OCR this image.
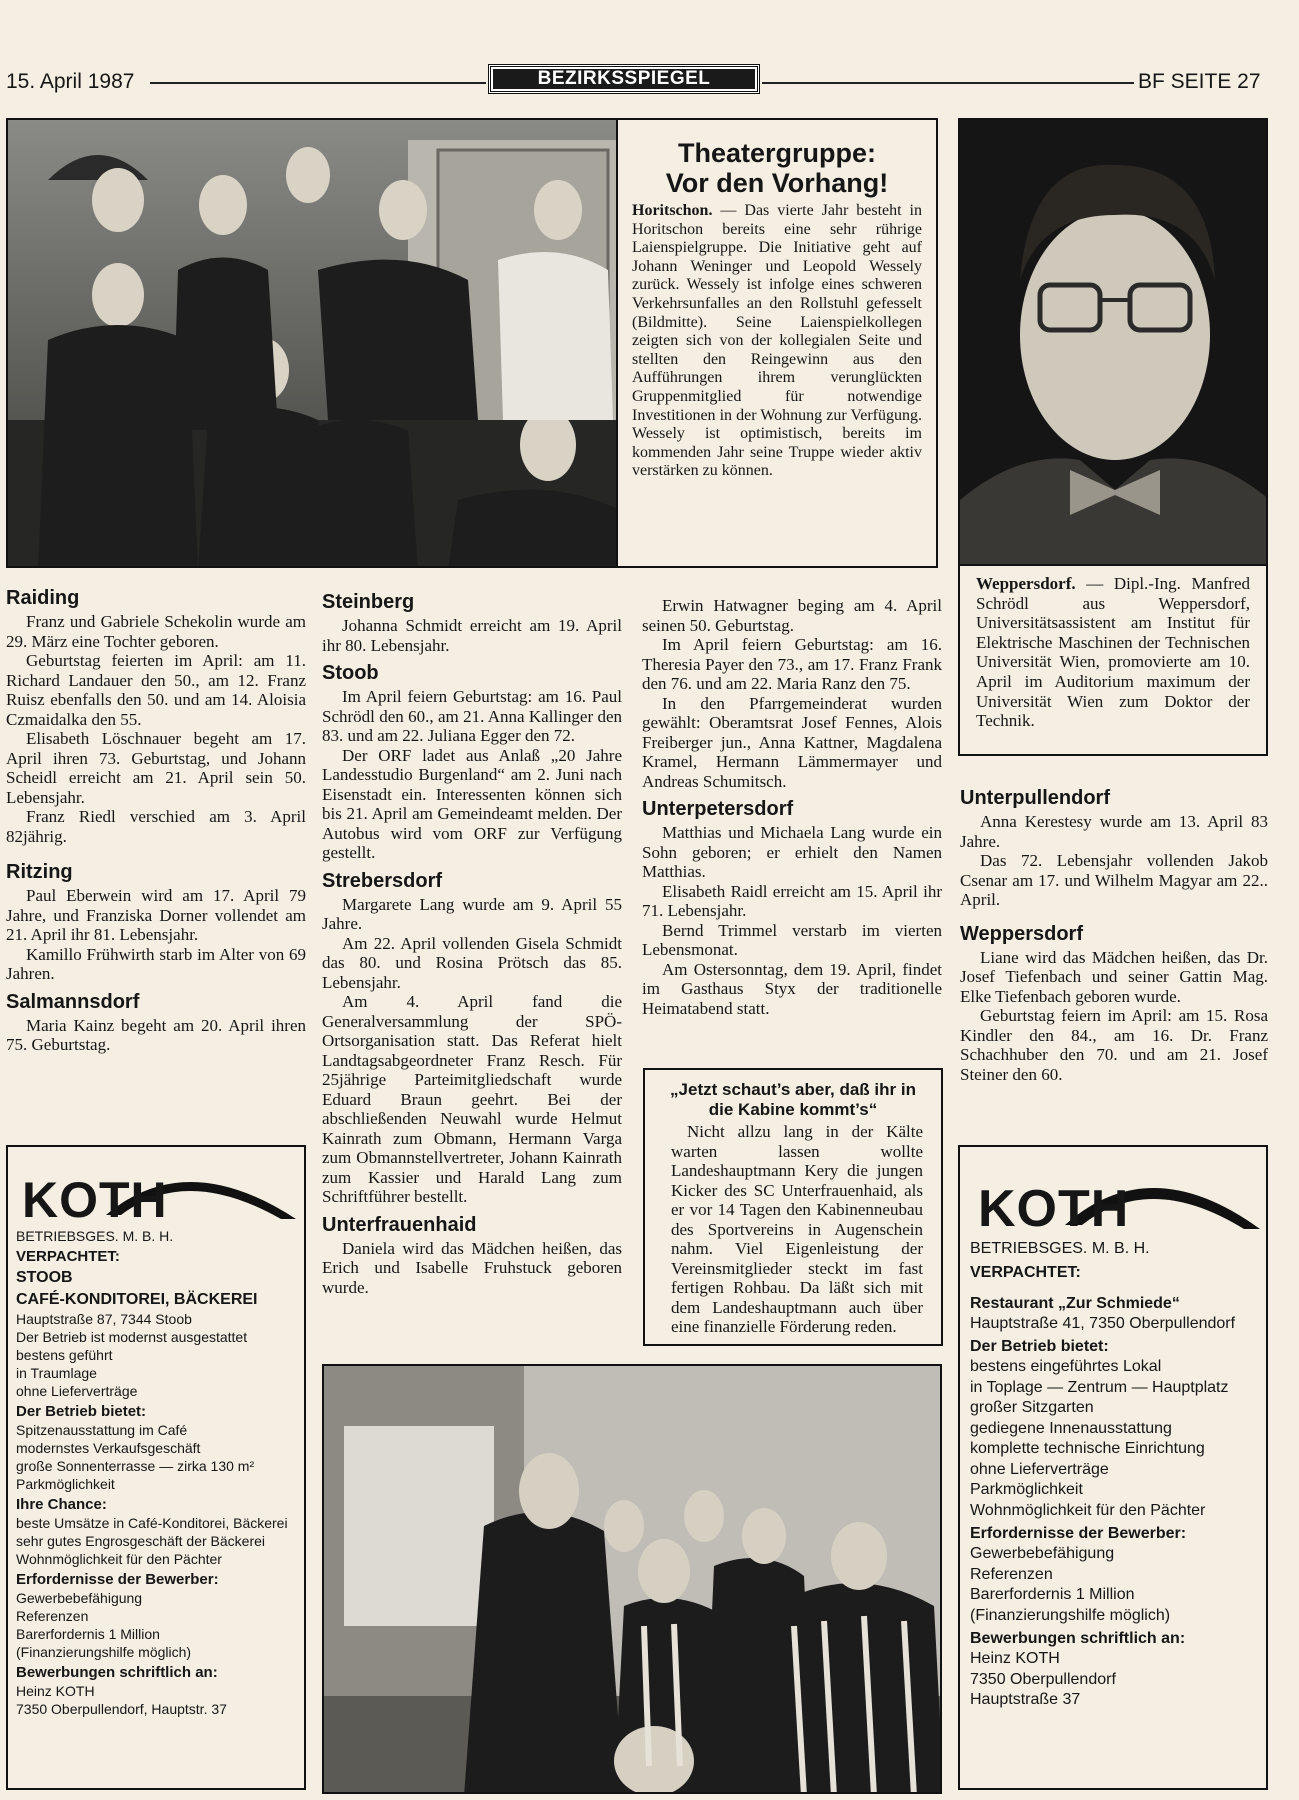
15. April 1987	BEZIRKSSPIEGEL	BF SEITE 27
Theatergruppe:
Vor den Vorhang!
Horitschon. — Das vierte Jahr besteht in Horitschon bereits eine sehr rührige Laienspielgruppe. Die Initiative geht auf Johann Weninger und Leopold Wessely zurück. Wessely ist infolge eines schweren Verkehrsunfalles an den Rollstuhl gefesselt (Bildmitte). Seine Laienspielkollegen zeigten sich von der kollegialen Seite und stellten den Reingewinn aus den Aufführungen ihrem verunglückten Gruppenmitglied für notwendige Investitionen in der Wohnung zur Verfügung. Wessely ist optimistisch, bereits im kommenden Jahr seine Truppe wieder aktiv verstärken zu können.
Weppersdorf. — Dipl.-Ing. Manfred Schrödl aus Weppersdorf, Universitätsassistent am Institut für Elektrische Maschinen der Technischen Universität Wien, promovierte am 10. April im Auditorium maximum der Universität Wien zum Doktor der Technik.
Raiding

Franz und Gabriele Schekolin wurde am 29. März eine Tochter geboren.

Geburtstag feierten im April: am 11. Richard Landauer den 50., am 12. Franz Ruisz ebenfalls den 50. und am 14. Aloisia Czmaidalka den 55.

Elisabeth Löschnauer begeht am 17. April ihren 73. Geburtstag, und Johann Scheidl erreicht am 21. April sein 50. Lebensjahr.

Franz Riedl verschied am 3. April 82jährig.

Ritzing

Paul Eberwein wird am 17. April 79 Jahre, und Franziska Dorner vollendet am 21. April ihr 81. Lebensjahr.

Kamillo Frühwirth starb im Alter von 69 Jahren.

Salmannsdorf

Maria Kainz begeht am 20. April ihren 75. Geburtstag.

Steinberg

Johanna Schmidt erreicht am 19. April ihr 80. Lebensjahr.

Stoob

Im April feiern Geburtstag: am 16. Paul Schrödl den 60., am 21. Anna Kallinger den 83. und am 22. Juliana Egger den 72.

Der ORF ladet aus Anlaß „20 Jahre Landesstudio Burgenland“ am 2. Juni nach Eisenstadt ein. Interessenten können sich bis 21. April am Gemeindeamt melden. Der Autobus wird vom ORF zur Verfügung gestellt.

Strebersdorf

Margarete Lang wurde am 9. April 55 Jahre.

Am 22. April vollenden Gisela Schmidt das 80. und Rosina Prötsch das 85. Lebensjahr.

Am 4. April fand die Generalversammlung der SPÖ-Ortsorganisation statt. Das Referat hielt Landtagsabgeordneter Franz Resch. Für 25jährige Parteimitgliedschaft wurde Eduard Braun geehrt. Bei der abschließenden Neuwahl wurde Helmut Kainrath zum Obmann, Hermann Varga zum Obmannstellvertreter, Johann Kainrath zum Kassier und Harald Lang zum Schriftführer bestellt.

Unterfrauenhaid

Daniela wird das Mädchen heißen, das Erich und Isabelle Fruhstuck geboren wurde.

Erwin Hatwagner beging am 4. April seinen 50. Geburtstag.

Im April feiern Geburtstag: am 16. Theresia Payer den 73., am 17. Franz Frank den 76. und am 22. Maria Ranz den 75.

In den Pfarrgemeinderat wurden gewählt: Oberamtsrat Josef Fennes, Alois Freiberger jun., Anna Kattner, Magdalena Kramel, Hermann Lämmermayer und Andreas Schumitsch.

Unterpetersdorf

Matthias und Michaela Lang wurde ein Sohn geboren; er erhielt den Namen Matthias.

Elisabeth Raidl erreicht am 15. April ihr 71. Lebensjahr.

Bernd Trimmel verstarb im vierten Lebensmonat.

Am Ostersonntag, dem 19. April, findet im Gasthaus Styx der traditionelle Heimatabend statt.

„Jetzt schaut’s aber, daß ihr in die Kabine kommt’s“
Nicht allzu lang in der Kälte warten lassen wollte Landeshauptmann Kery die jungen Kicker des SC Unterfrauenhaid, als er vor 14 Tagen den Kabinenneubau des Sportvereins in Augenschein nahm. Viel Eigenleistung der Vereinsmitglieder steckt im fast fertigen Rohbau. Da läßt sich mit dem Landeshauptmann auch über eine finanzielle Förderung reden.
Unterpullendorf

Anna Kerestesy wurde am 13. April 83 Jahre.

Das 72. Lebensjahr vollenden Jakob Csenar am 17. und Wilhelm Magyar am 22.. April.

Weppersdorf

Liane wird das Mädchen heißen, das Dr. Josef Tiefenbach und seiner Gattin Mag. Elke Tiefenbach geboren wurde.

Geburtstag feiern im April: am 15. Rosa Kindler den 84., am 16. Dr. Franz Schachhuber den 70. und am 21. Josef Steiner den 60.

KOTH
BETRIEBSGES. M. B. H.
VERPACHTET:
STOOB
CAFÉ-KONDITOREI, BÄCKEREI
Hauptstraße 87, 7344 Stoob
Der Betrieb ist modernst ausgestattet
bestens geführt
in Traumlage
ohne Lieferverträge
Der Betrieb bietet:
Spitzenausstattung im Café
modernstes Verkaufsgeschäft
große Sonnenterrasse — zirka 130 m²
Parkmöglichkeit
Ihre Chance:
beste Umsätze in Café-Konditorei, Bäckerei
sehr gutes Engrosgeschäft der Bäckerei
Wohnmöglichkeit für den Pächter
Erfordernisse der Bewerber:
Gewerbebefähigung
Referenzen
Barerfordernis 1 Million
(Finanzierungshilfe möglich)
Bewerbungen schriftlich an:
Heinz KOTH
7350 Oberpullendorf, Hauptstr. 37
KOTH
BETRIEBSGES. M. B. H.
VERPACHTET:
Restaurant „Zur Schmiede“
Hauptstraße 41, 7350 Oberpullendorf
Der Betrieb bietet:
bestens eingeführtes Lokal
in Toplage — Zentrum — Hauptplatz
großer Sitzgarten
gediegene Innenausstattung
komplette technische Einrichtung
ohne Lieferverträge
Parkmöglichkeit
Wohnmöglichkeit für den Pächter
Erfordernisse der Bewerber:
Gewerbebefähigung
Referenzen
Barerfordernis 1 Million
(Finanzierungshilfe möglich)
Bewerbungen schriftlich an:
Heinz KOTH
7350 Oberpullendorf
Hauptstraße 37
